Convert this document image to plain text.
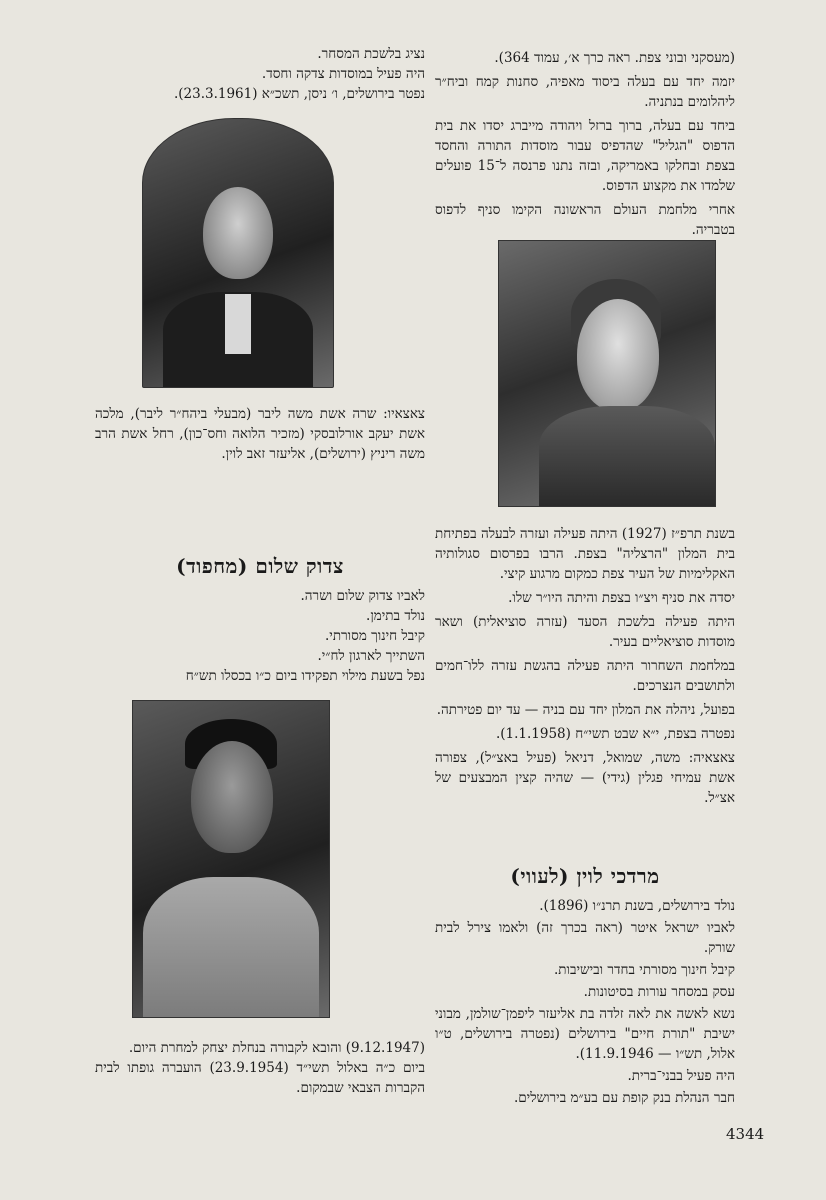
נציג בלשכת המסחר.

היה פעיל במוסדות צדקה וחסד.

נפטר בירושלים, ו׳ ניסן, תשכ״א (23.3.1961).

צאצאיו: שרה אשת משה ליבר (מבעלי ביהח״ר ליבר), מלכה אשת יעקב אורלובסקי (מזכיר הלואה וחס־כון), רחל אשת הרב משה ריניץ (ירושלים), אליעזר זאב לוין.

צדוק שלום (מחפוד)

לאביו צדוק שלום ושרה.

נולד בתימן.

קיבל חינוך מסורתי.

השתייך לארגון לח״י.

נפל בשעת מילוי תפקידו ביום כ״ו בכסלו תש״ח

(9.12.1947) והובא לקבורה בנחלת יצחק למחרת היום.

ביום כ״ה באלול תשי״ד (23.9.1954) הועברה גופתו לבית הקברות הצבאי שבמקום.

(מעסקני ובוני צפת. ראה כרך א׳, עמוד 364).

יזמה יחד עם בעלה ביסוד מאפיה, סחנות קמח וביח״ר ליהלומים בנתניה.

ביחד עם בעלה, ברוך ברזל ויהודה מייברג יסדו את בית הדפוס "הגליל" שהדפיס עבור מוסדות התורה והחסד בצפת ובחלקו באמריקה, ובזה נתנו פרנסה ל־15 פועלים שלמדו את מקצוע הדפוס.

אחרי מלחמת העולם הראשונה הקימו סניף לדפוס בטבריה.

בשנת תרפ״ז (1927) היתה פעילה ועזרה לבעלה בפתיחת בית המלון "הרצליה" בצפת. הרבו בפרסום סגולותיה האקלימיות של העיר צפת כמקום מרגוע קיצי.

יסדה את סניף ויצ״ו בצפת והיתה היו״ר שלו.

היתה פעילה בלשכת הסעד (עזרה סוציאלית) ושאר מוסדות סוציאליים בעיר.

במלחמת השחרור היתה פעילה בהגשת עזרה ללו־חמים ולתושבים הנצרכים.

בפועל, ניהלה את המלון יחד עם בניה — עד יום פטירתה.

נפטרה בצפת, י״א שבט תשי״ח (1.1.1958).

צאצאיה: משה, שמואל, דניאל (פעיל באצ״ל), צפורה אשת עמיחי פגלין (גידי) — שהיה קצין המבצעים של אצ״ל.

מרדכי לוין (לעווי)

נולד בירושלים, בשנת תרנ״ו (1896).

לאביו ישראל איטר (ראה בכרך זה) ולאמו צירל לבית שורק.

קיבל חינוך מסורתי בחדר ובישיבות.

עסק במסחר עורות בסיטונות.

נשא לאשה את לאה זלדה בת אליעזר ליפמן־שולמן, מבוני ישיבת "תורת חיים" בירושלים (נפטרה בירושלים, ט״ו אלול, תש״ו — 11.9.1946).

היה פעיל בבני־ברית.

חבר הנהלת בנק קופת עם בע״מ בירושלים.

4344
